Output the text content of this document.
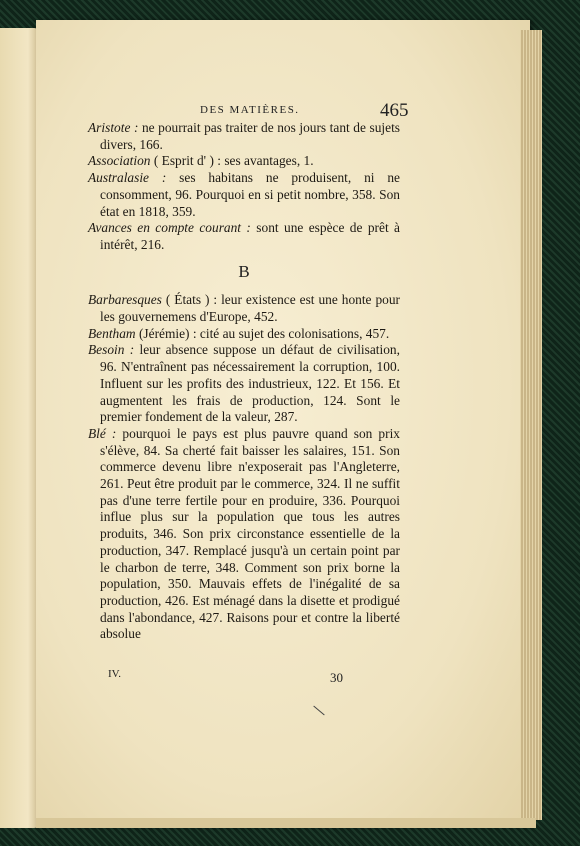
DES MATIÈRES.	465
Aristote : ne pourrait pas traiter de nos jours tant de sujets divers, 166.
Association ( Esprit d' ) : ses avantages, 1.
Australasie : ses habitans ne produisent, ni ne consomment, 96. Pourquoi en si petit nombre, 358. Son état en 1818, 359.
Avances en compte courant : sont une espèce de prêt à intérêt, 216.
B
Barbaresques ( États ) : leur existence est une honte pour les gouvernemens d'Europe, 452.
Bentham (Jérémie) : cité au sujet des colonisations, 457.
Besoin : leur absence suppose un défaut de civilisation, 96. N'entraînent pas nécessairement la corruption, 100. Influent sur les profits des industrieux, 122. Et 156. Et augmentent les frais de production, 124. Sont le premier fondement de la valeur, 287.
Blé : pourquoi le pays est plus pauvre quand son prix s'élève, 84. Sa cherté fait baisser les salaires, 151. Son commerce devenu libre n'exposerait pas l'Angleterre, 261. Peut être produit par le commerce, 324. Il ne suffit pas d'une terre fertile pour en produire, 336. Pourquoi influe plus sur la population que tous les autres produits, 346. Son prix circonstance essentielle de la production, 347. Remplacé jusqu'à un certain point par le charbon de terre, 348. Comment son prix borne la population, 350. Mauvais effets de l'inégalité de sa production, 426. Est ménagé dans la disette et prodigué dans l'abondance, 427. Raisons pour et contre la liberté absolue
IV.	30
